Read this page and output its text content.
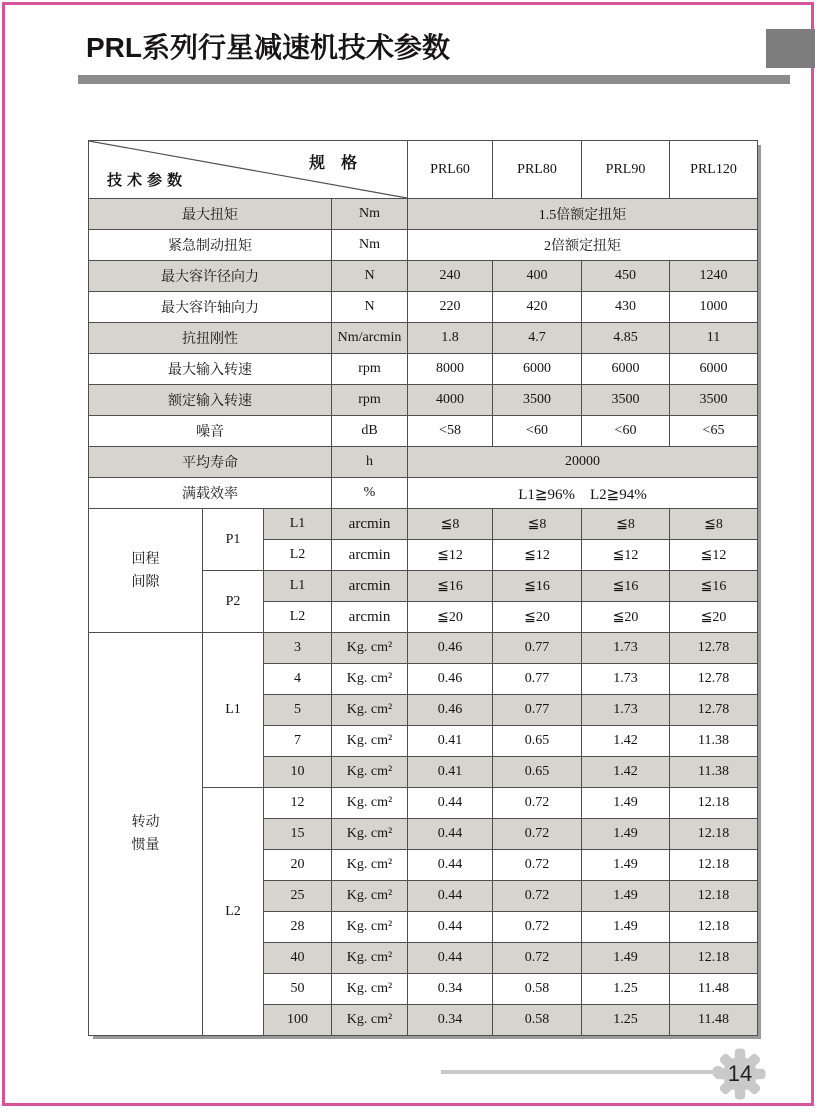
PRL系列行星减速机技术参数
规 格
技术参数				PRL60	PRL80	PRL90	PRL120
最大扭矩			Nm	1.5倍额定扭矩			
紧急制动扭矩			Nm	2倍额定扭矩			
最大容许径向力			N	240	400	450	1240
最大容许轴向力			N	220	420	430	1000
抗扭刚性			Nm/arcmin	1.8	4.7	4.85	11
最大输入转速			rpm	8000	6000	6000	6000
额定输入转速			rpm	4000	3500	3500	3500
噪音			dB	<58	<60	<60	<65
平均寿命			h	20000			
满载效率			%	L1≧96%　L2≧94%			

回程
间隙	P1	L1	arcmin	≦8	≦8	≦8	≦8
		L2	arcmin	≦12	≦12	≦12	≦12
	P2	L1	arcmin	≦16	≦16	≦16	≦16
		L2	arcmin	≦20	≦20	≦20	≦20

转动
惯量	L1	3	Kg. cm²	0.46	0.77	1.73	12.78
		4	Kg. cm²	0.46	0.77	1.73	12.78
		5	Kg. cm²	0.46	0.77	1.73	12.78
		7	Kg. cm²	0.41	0.65	1.42	11.38
		10	Kg. cm²	0.41	0.65	1.42	11.38
	L2	12	Kg. cm²	0.44	0.72	1.49	12.18
		15	Kg. cm²	0.44	0.72	1.49	12.18
		20	Kg. cm²	0.44	0.72	1.49	12.18
		25	Kg. cm²	0.44	0.72	1.49	12.18
		28	Kg. cm²	0.44	0.72	1.49	12.18
		40	Kg. cm²	0.44	0.72	1.49	12.18
		50	Kg. cm²	0.34	0.58	1.25	11.48
		100	Kg. cm²	0.34	0.58	1.25	11.48
14
